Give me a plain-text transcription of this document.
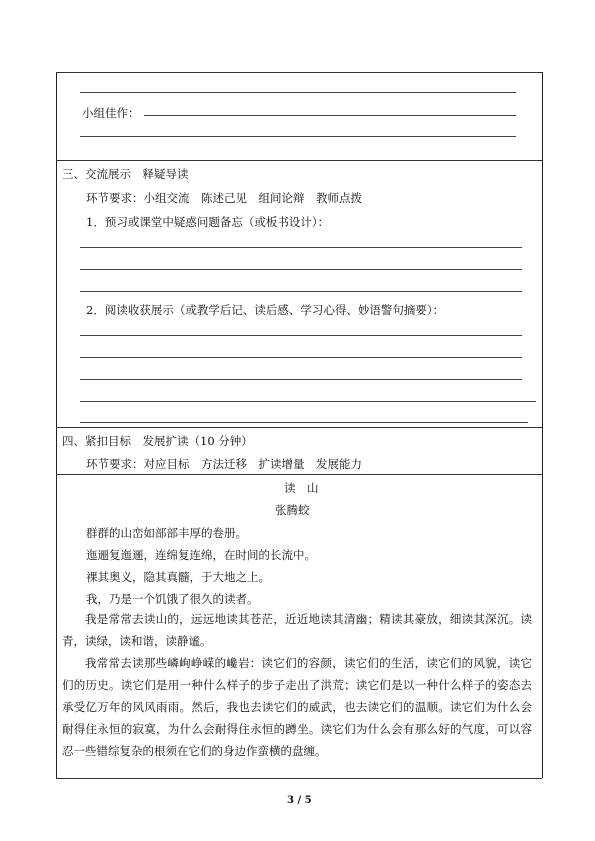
小组佳作：
三、交流展示　释疑导读
环节要求：小组交流　陈述己见　组间论辩　教师点拨
1．预习或课堂中疑惑问题备忘（或板书设计）：
2．阅读收获展示（或教学后记、读后感、学习心得、妙语警句摘要）：
四、紧扣目标　发展扩读（10 分钟）
环节要求：对应目标　方法迁移　扩读增量　发展能力
读　山
张腾蛟
群群的山峦如部部丰厚的卷册。
迤逦复迤逦，连绵复连绵，在时间的长流中。
裸其奥义，隐其真髓，于大地之上。
我，乃是一个饥饿了很久的读者。
我是常常去读山的，远远地读其苍茫，近近地读其清幽；精读其豪放，细读其深沉。读青，读绿，读和谐，读静谧。
我常常去读那些嶙峋峥嵘的巉岩：读它们的容颜，读它们的生活，读它们的风貌，读它们的历史。读它们是用一种什么样子的步子走出了洪荒；读它们是以一种什么样子的姿态去承受亿万年的风风雨雨。然后，我也去读它们的威武，也去读它们的温顺。读它们为什么会耐得住永恒的寂寞，为什么会耐得住永恒的蹲坐。读它们为什么会有那么好的气度，可以容忍一些错综复杂的根须在它们的身边作蛮横的盘缠。
3 / 5
